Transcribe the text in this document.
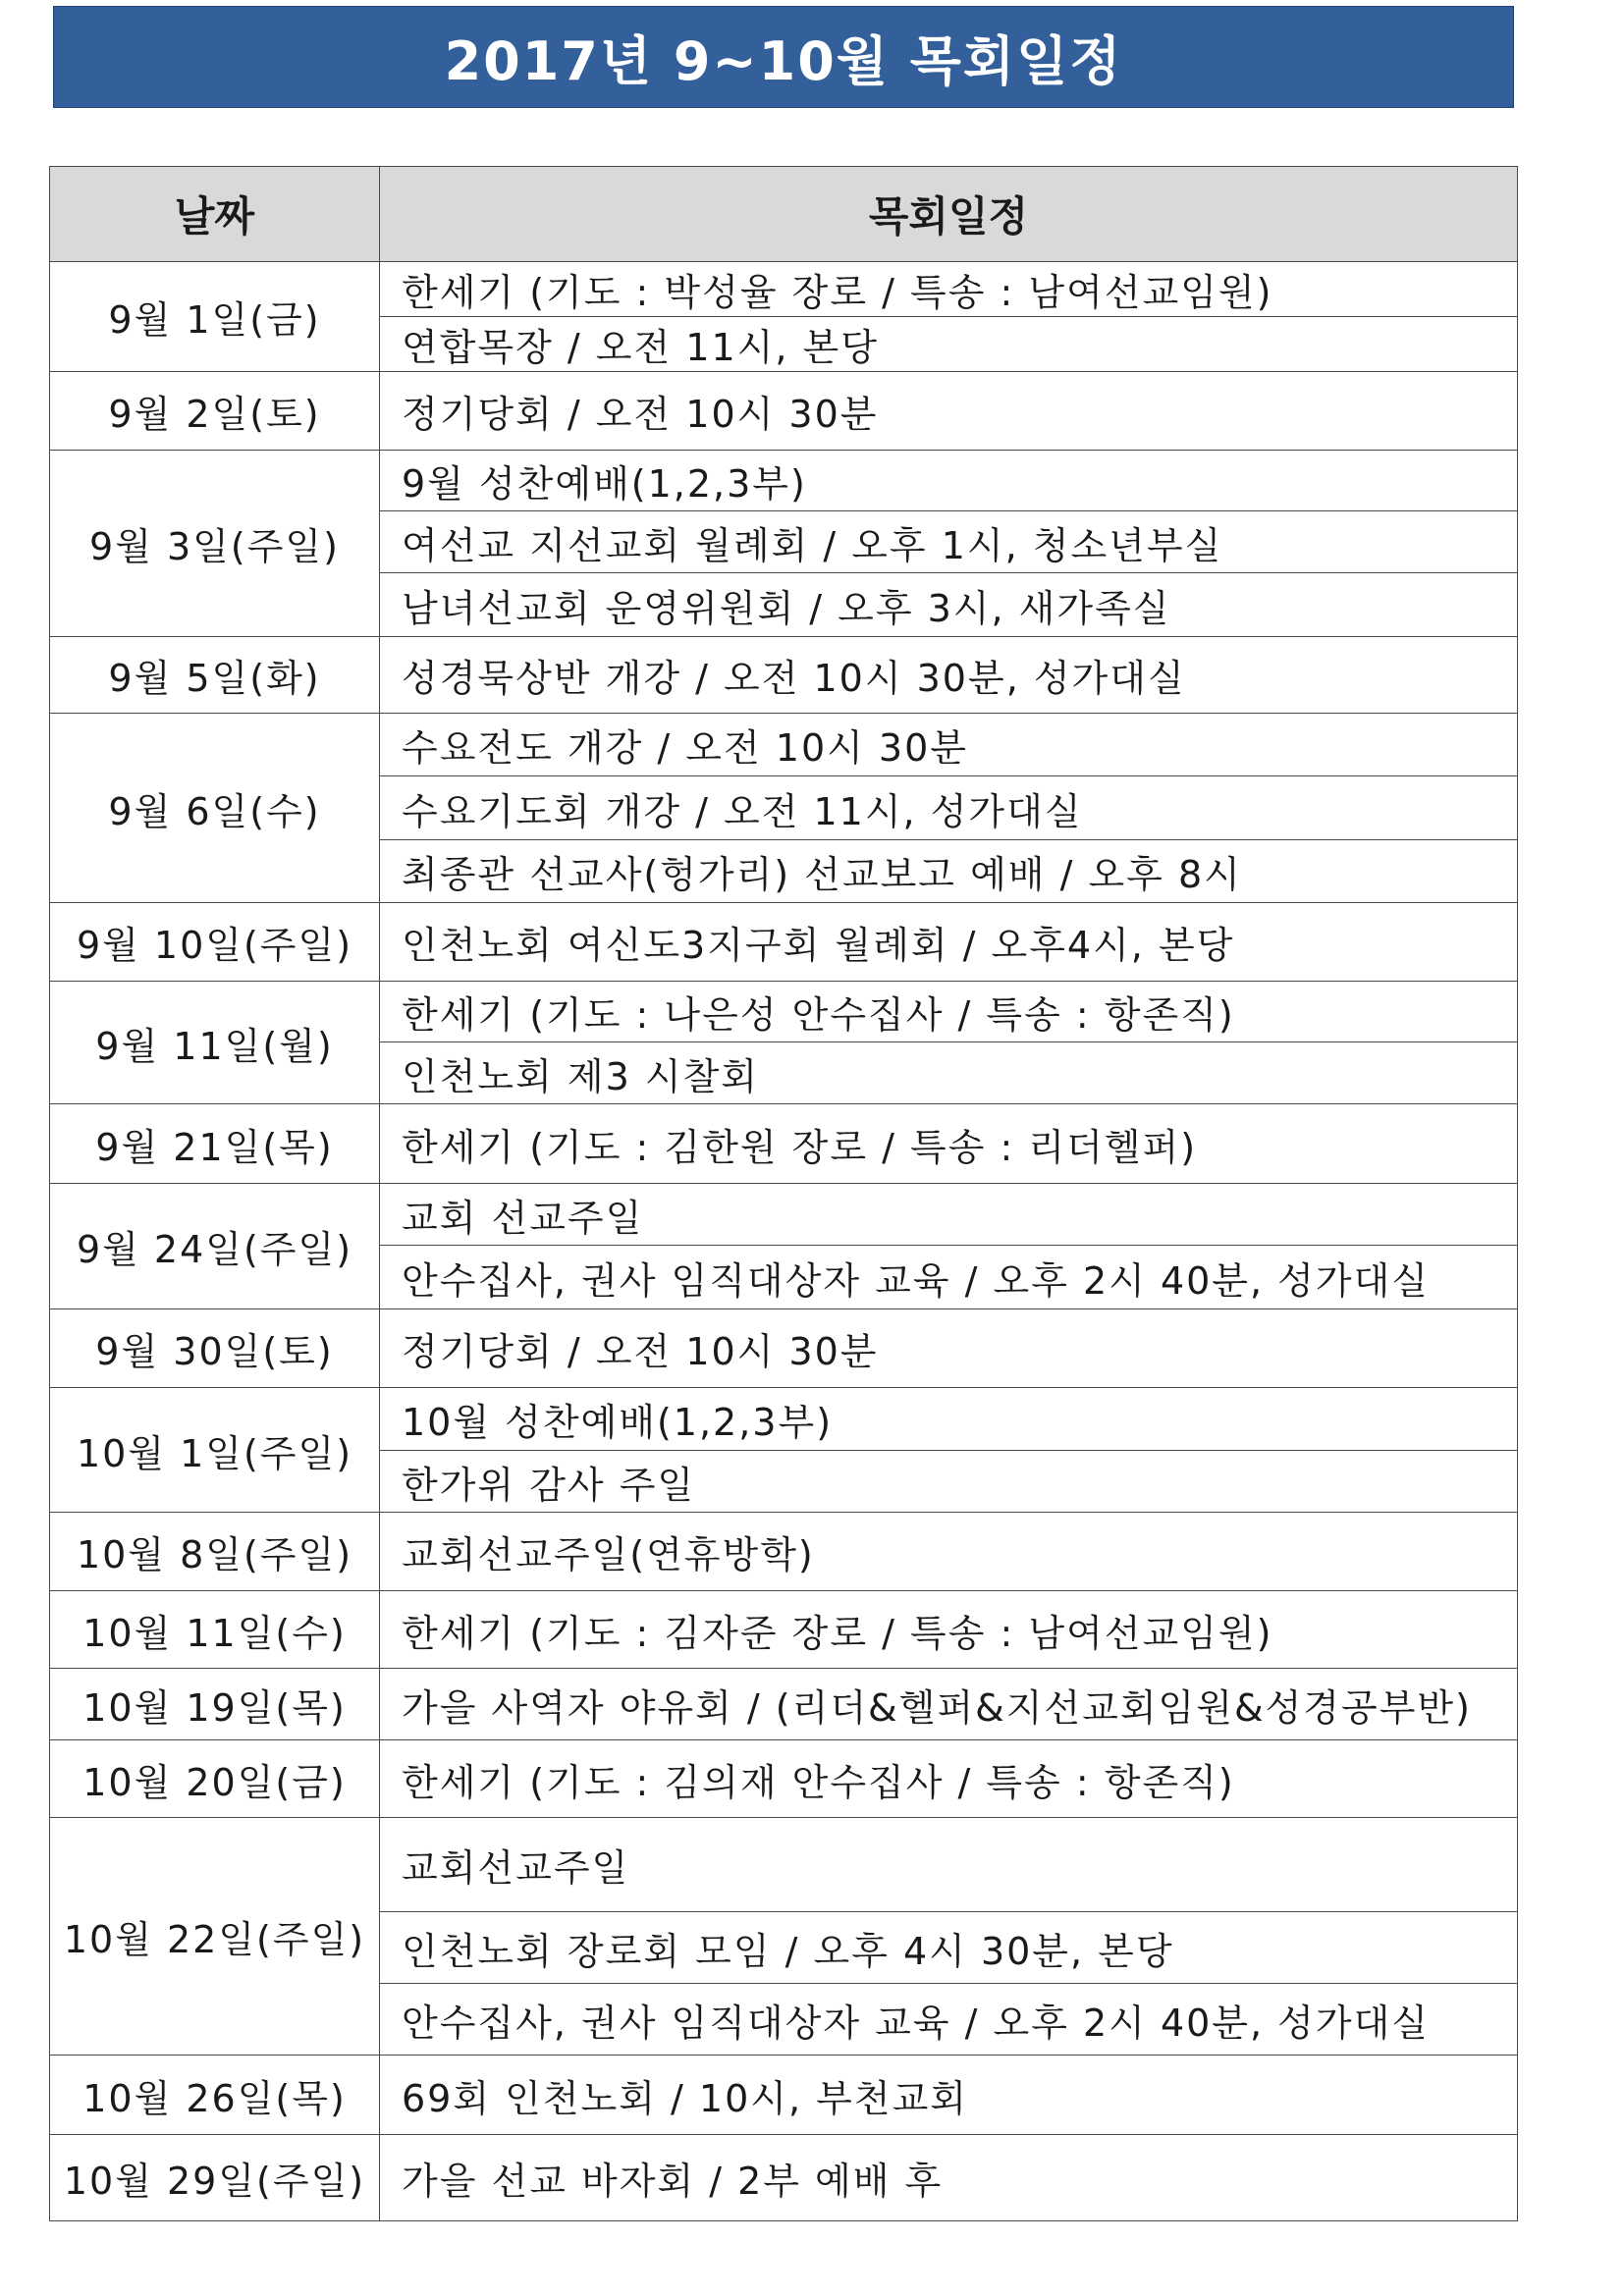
2017년 9~10월 목회일정
날짜	목회일정
9월 1일(금)	한세기 (기도 : 박성율 장로 / 특송 : 남여선교임원)
	연합목장 / 오전 11시, 본당
9월 2일(토)	정기당회 / 오전 10시 30분
9월 3일(주일)	9월 성찬예배(1,2,3부)
	여선교 지선교회 월례회 / 오후 1시, 청소년부실
	남녀선교회 운영위원회 / 오후 3시, 새가족실
9월 5일(화)	성경묵상반 개강 / 오전 10시 30분, 성가대실
9월 6일(수)	수요전도 개강 / 오전 10시 30분
	수요기도회 개강 / 오전 11시, 성가대실
	최종관 선교사(헝가리) 선교보고 예배 / 오후 8시
9월 10일(주일)	인천노회 여신도3지구회 월례회 / 오후4시, 본당
9월 11일(월)	한세기 (기도 : 나은성 안수집사 / 특송 : 항존직)
	인천노회 제3 시찰회
9월 21일(목)	한세기 (기도 : 김한원 장로 / 특송 : 리더헬퍼)
9월 24일(주일)	교회 선교주일
	안수집사, 권사 임직대상자 교육 / 오후 2시 40분, 성가대실
9월 30일(토)	정기당회 / 오전 10시 30분
10월 1일(주일)	10월 성찬예배(1,2,3부)
	한가위 감사 주일
10월 8일(주일)	교회선교주일(연휴방학)
10월 11일(수)	한세기 (기도 : 김자준 장로 / 특송 : 남여선교임원)
10월 19일(목)	가을 사역자 야유회 / (리더&헬퍼&지선교회임원&성경공부반)
10월 20일(금)	한세기 (기도 : 김의재 안수집사 / 특송 : 항존직)
10월 22일(주일)	교회선교주일
	인천노회 장로회 모임 / 오후 4시 30분, 본당
	안수집사, 권사 임직대상자 교육 / 오후 2시 40분, 성가대실
10월 26일(목)	69회 인천노회 / 10시, 부천교회
10월 29일(주일)	가을 선교 바자회 / 2부 예배 후
